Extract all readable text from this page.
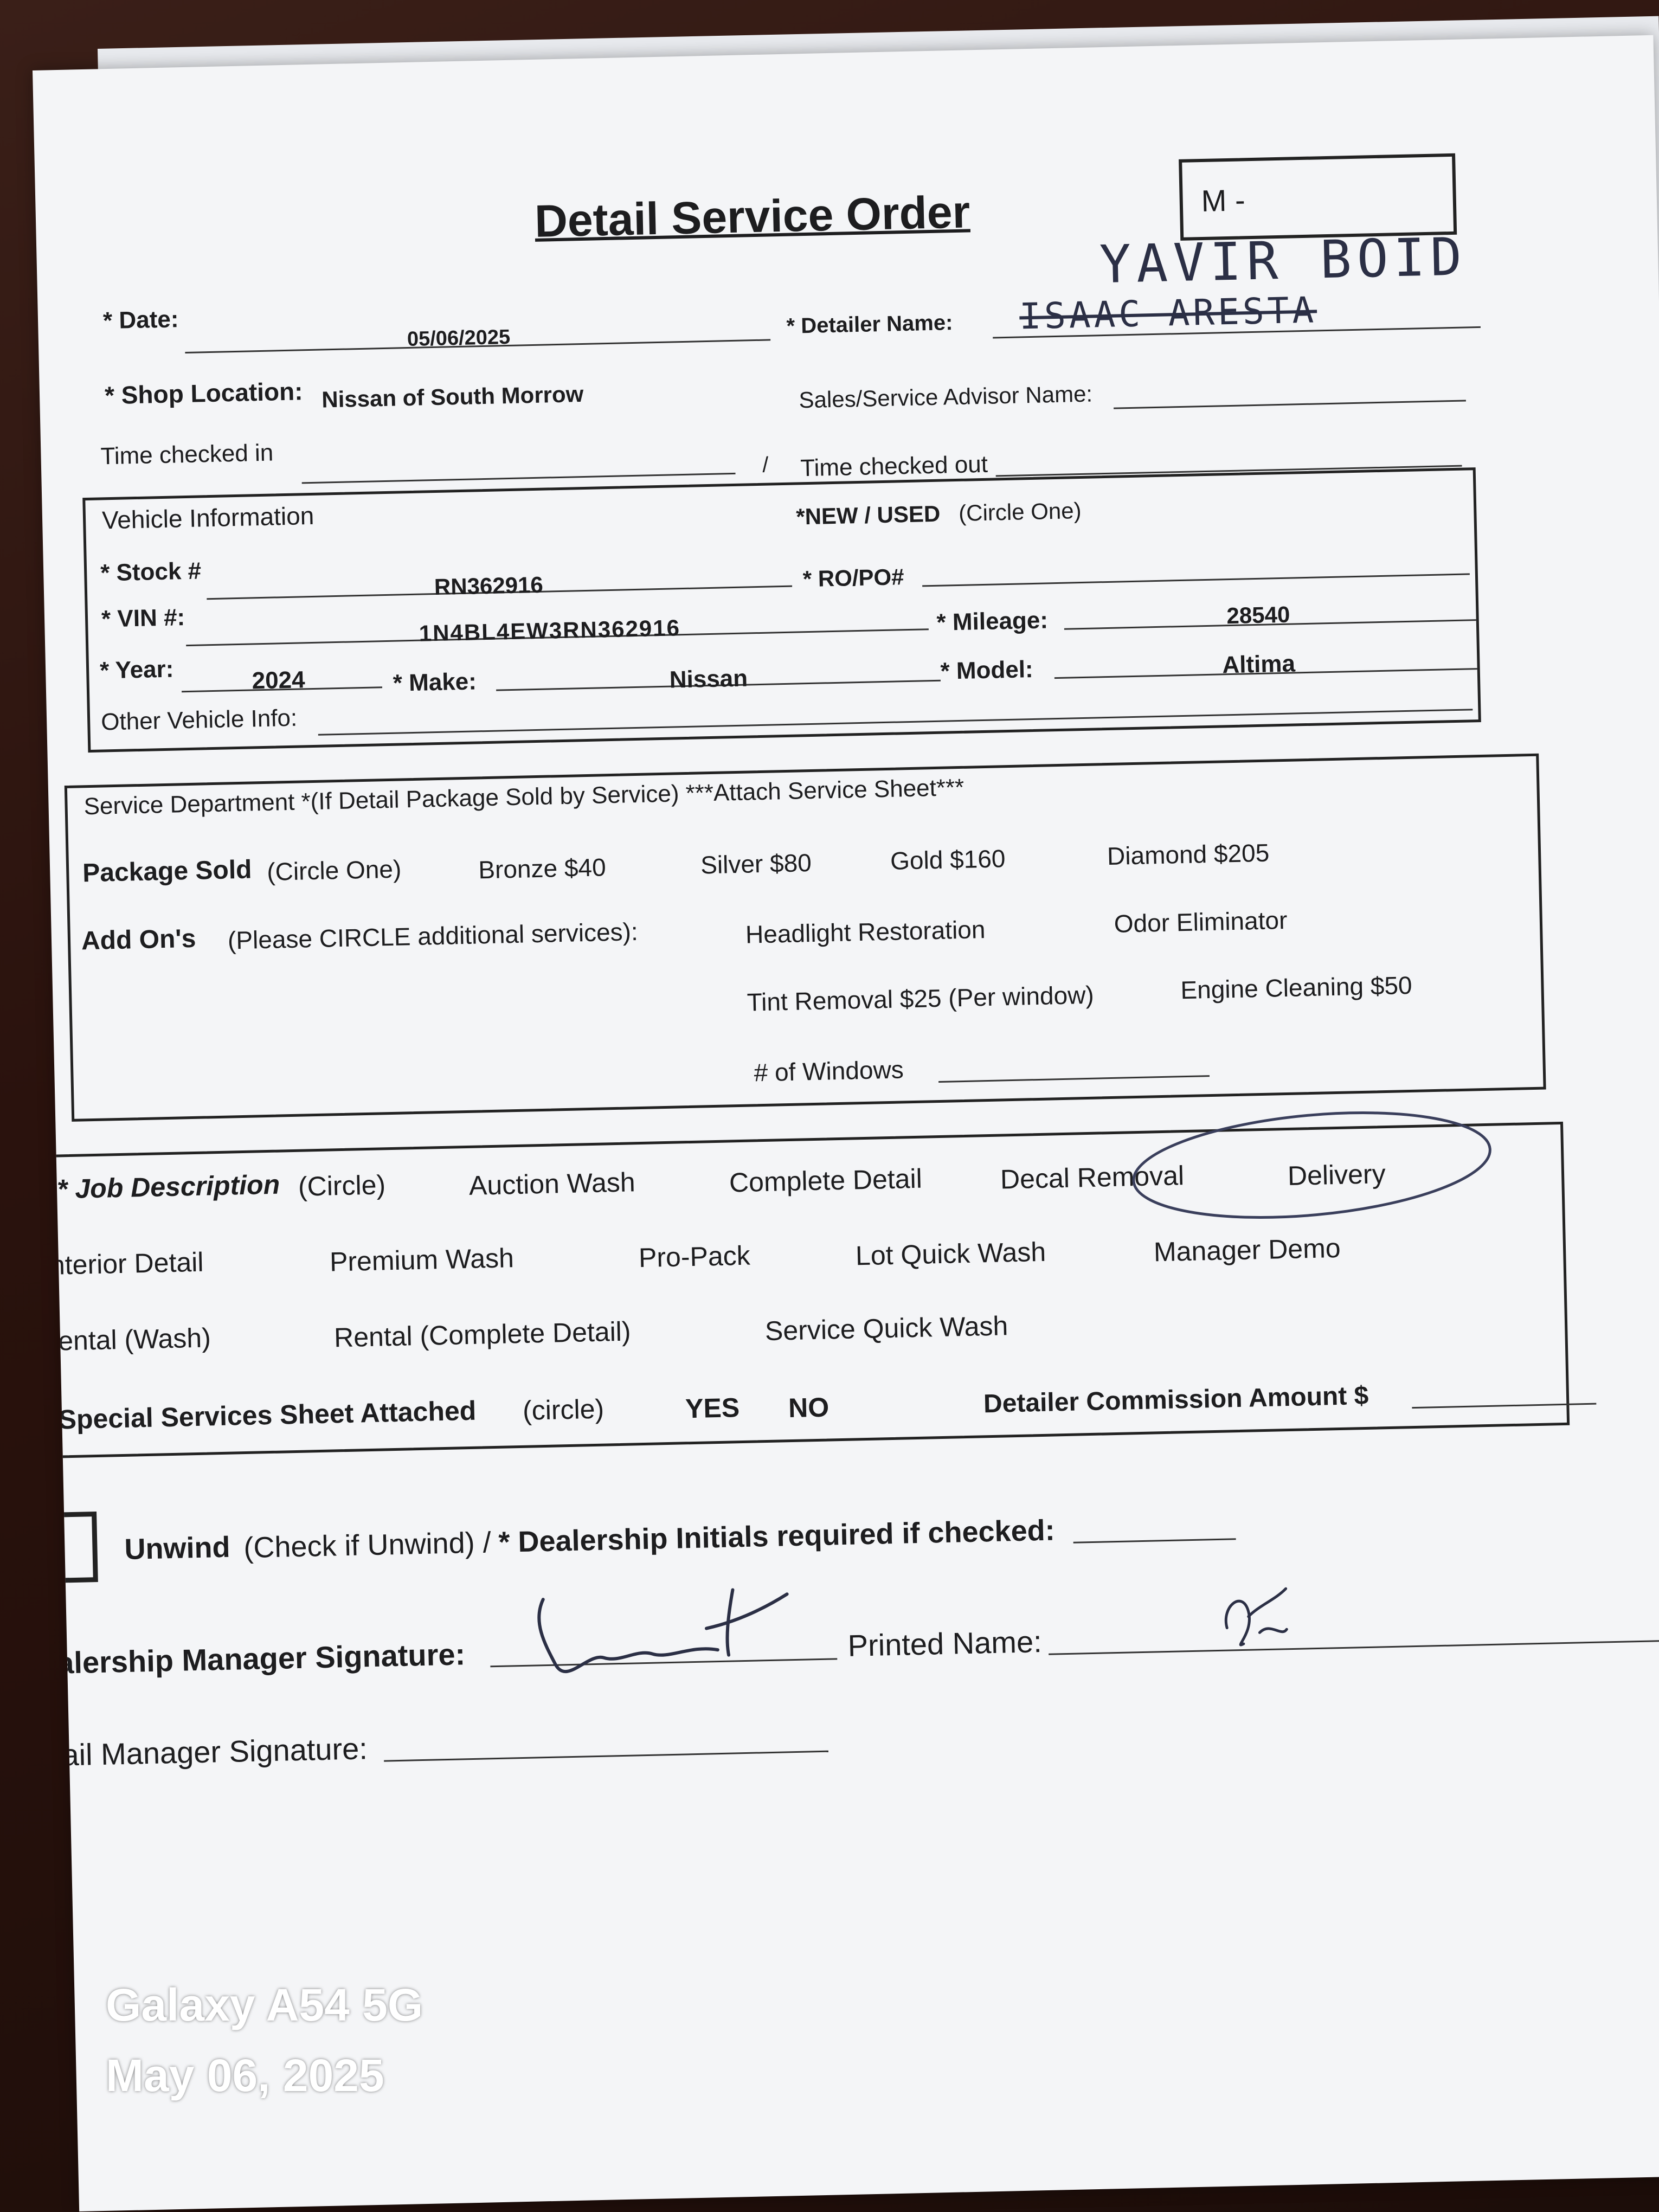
Detail Service Order	M -
* Date:
05/06/2025
* Detailer Name: ISAAC ARESTA
YAVIR BOID
* Shop Location: Nissan of South Morrow	Sales/Service Advisor Name:
Time checked in	/ Time checked out
Vehicle Information	*NEW / USED (Circle One)
* Stock #	RN362916	* RO/PO#
* VIN #:	1N4BL4EW3RN362916	* Mileage:	28540
* Year:	2024	* Make:	Nissan	* Model:	Altima
Other Vehicle Info:
Service Department *(If Detail Package Sold by Service) ***Attach Service Sheet***
Package Sold (Circle One)	Bronze $40	Silver $80	Gold $160	Diamond $205
Add On's (Please CIRCLE additional services):	Headlight Restoration	Odor Eliminator
Tint Removal $25 (Per window)	Engine Cleaning $50
# of Windows
* Job Description (Circle)	Auction Wash	Complete Detail	Decal Removal	Delivery
Interior Detail	Premium Wash	Pro-Pack	Lot Quick Wash	Manager Demo
Rental (Wash)	Rental (Complete Detail)	Service Quick Wash
* Special Services Sheet Attached (circle)	YES NO	Detailer Commission Amount $
Unwind (Check if Unwind) / * Dealership Initials required if checked:
ealership Manager Signature:	Printed Name:
etail Manager Signature:
Galaxy A54 5G
May 06, 2025
